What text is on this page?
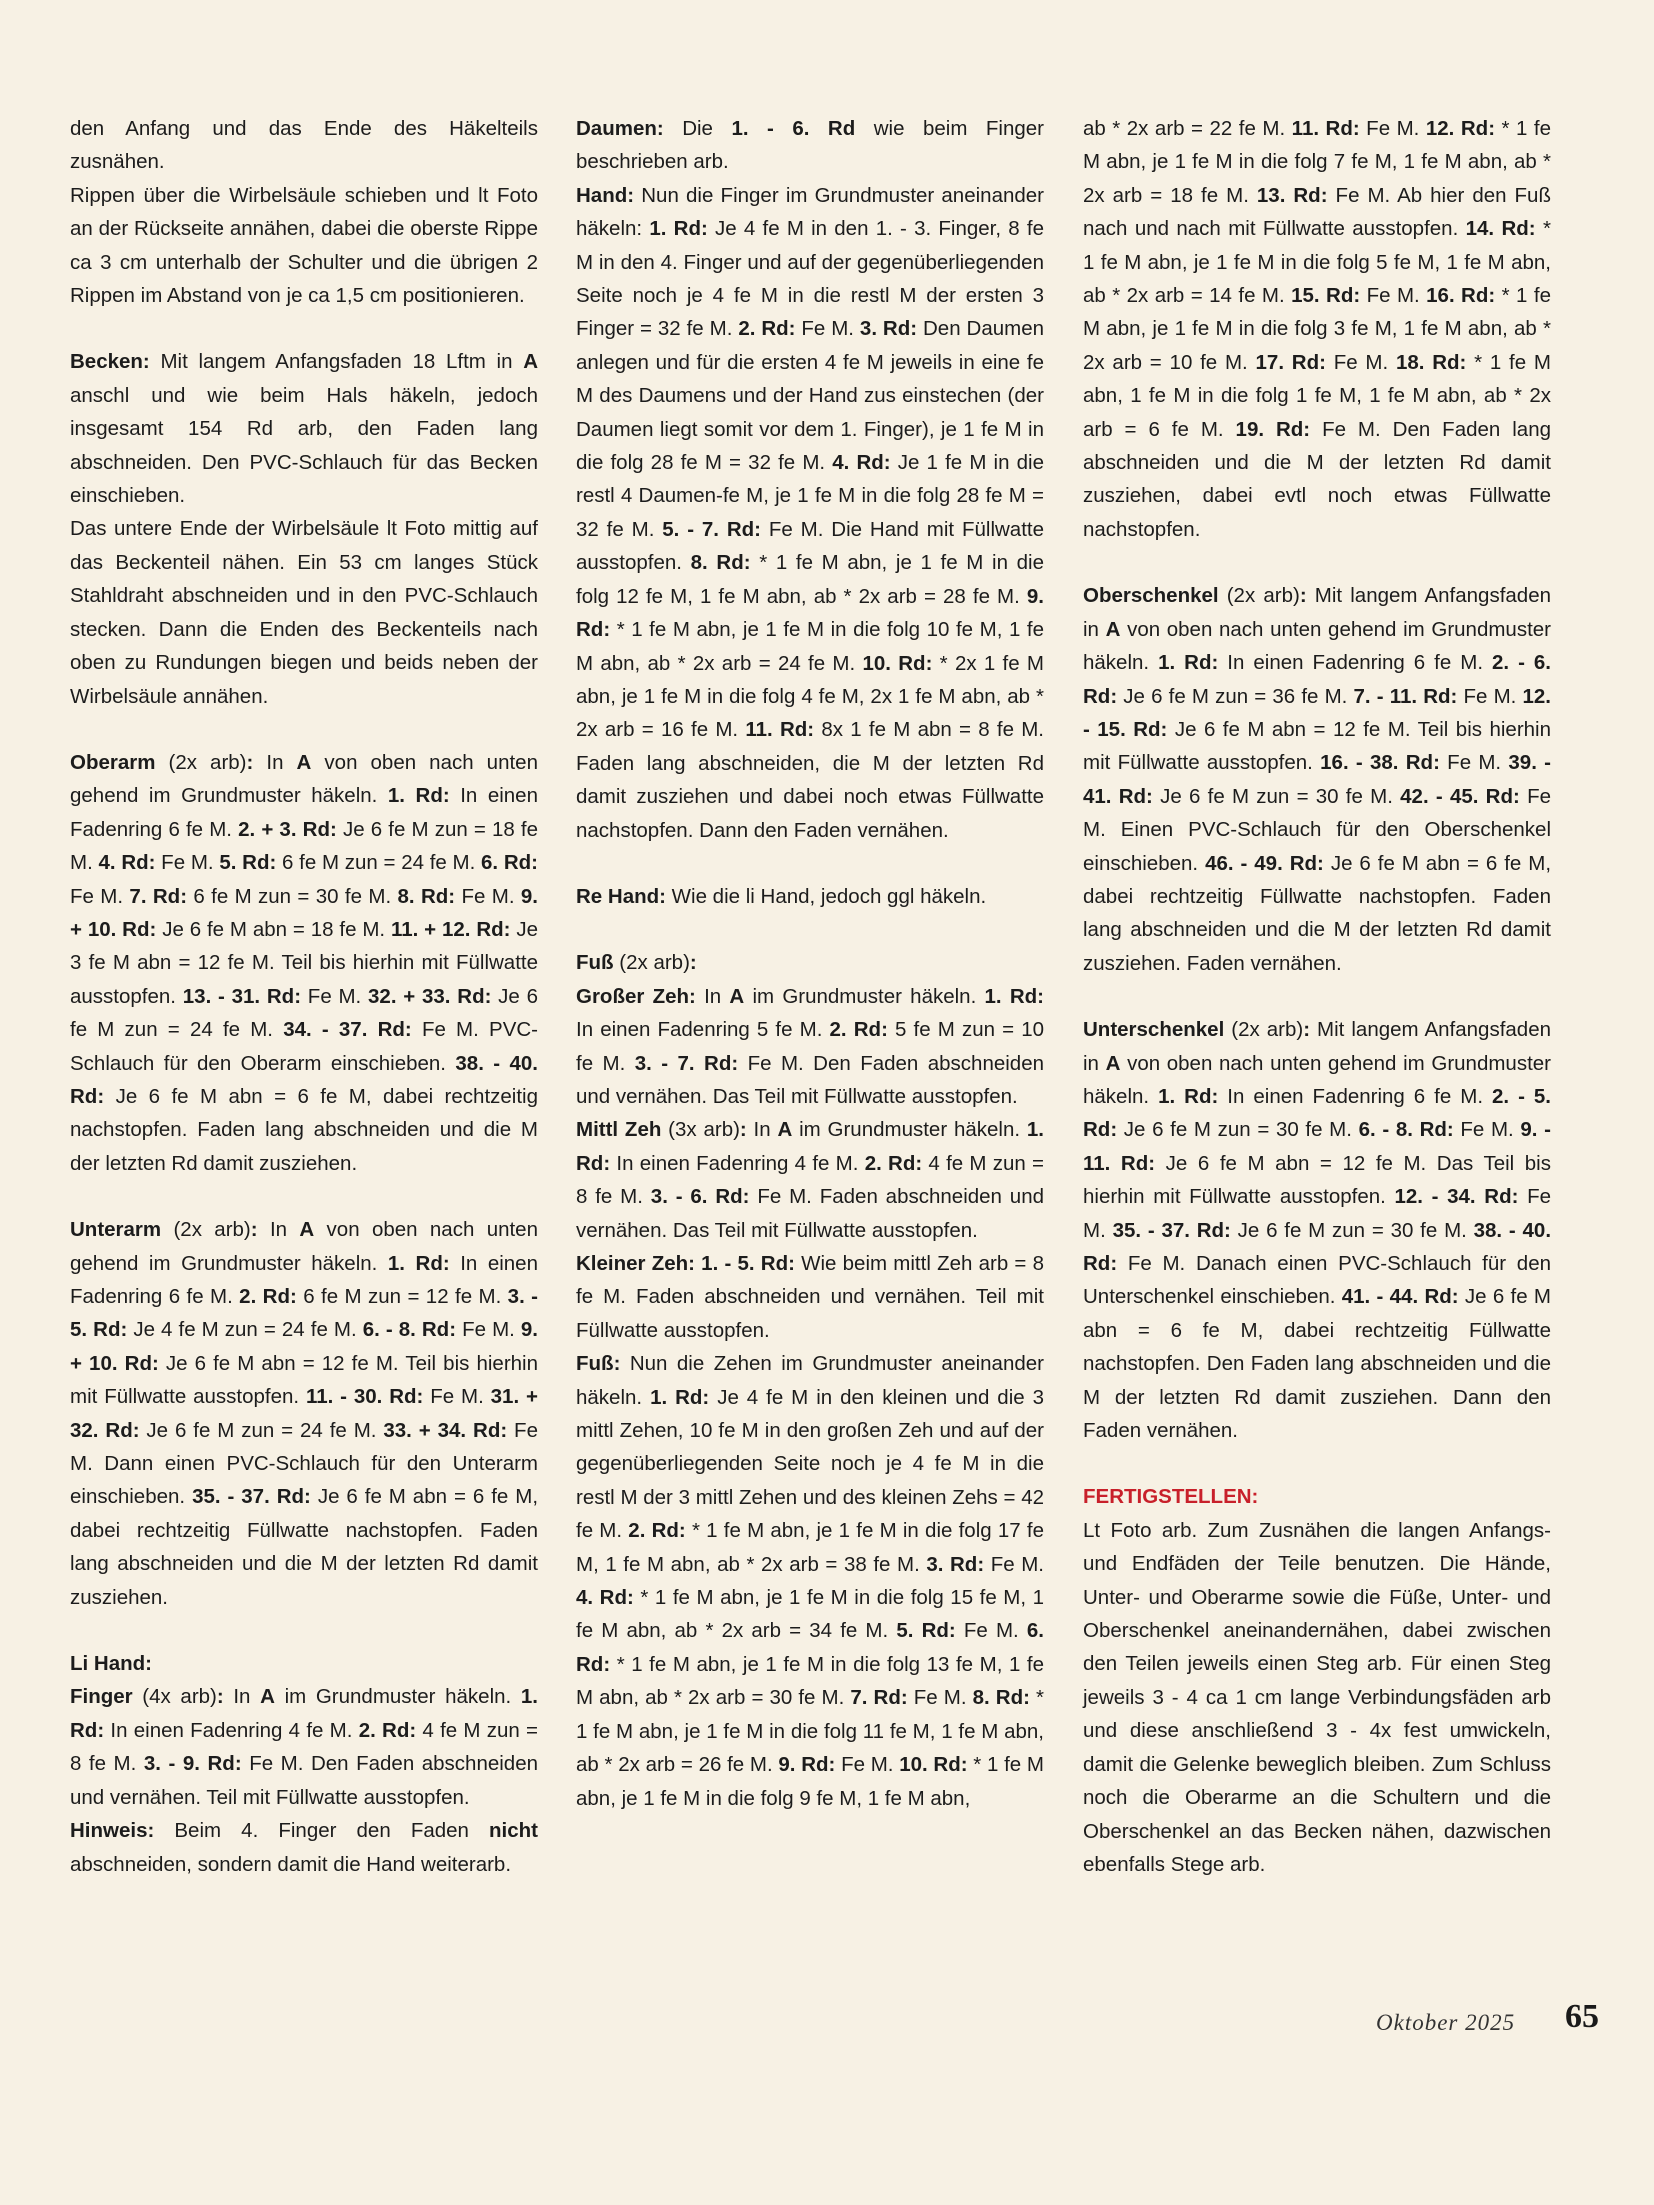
den Anfang und das Ende des Häkelteils zusnähen.

Rippen über die Wirbelsäule schieben und lt Foto an der Rückseite annähen, dabei die oberste Rippe ca 3 cm unterhalb der Schulter und die übrigen 2 Rippen im Abstand von je ca 1,5 cm positionieren.

Becken: Mit langem Anfangsfaden 18 Lftm in A anschl und wie beim Hals häkeln, jedoch insgesamt 154 Rd arb, den Faden lang abschneiden. Den PVC-Schlauch für das Becken einschieben.

Das untere Ende der Wirbelsäule lt Foto mittig auf das Beckenteil nähen. Ein 53 cm langes Stück Stahldraht abschneiden und in den PVC-Schlauch stecken. Dann die Enden des Beckenteils nach oben zu Rundungen biegen und beids neben der Wirbelsäule annähen.

Oberarm (2x arb): In A von oben nach unten gehend im Grundmuster häkeln. 1. Rd: In einen Fadenring 6 fe M. 2. + 3. Rd: Je 6 fe M zun = 18 fe M. 4. Rd: Fe M. 5. Rd: 6 fe M zun = 24 fe M. 6. Rd: Fe M. 7. Rd: 6 fe M zun = 30 fe M. 8. Rd: Fe M. 9. + 10. Rd: Je 6 fe M abn = 18 fe M. 11. + 12. Rd: Je 3 fe M abn = 12 fe M. Teil bis hierhin mit Füllwatte ausstopfen. 13. - 31. Rd: Fe M. 32. + 33. Rd: Je 6 fe M zun = 24 fe M. 34. - 37. Rd: Fe M. PVC-Schlauch für den Oberarm einschieben. 38. - 40. Rd: Je 6 fe M abn = 6 fe M, dabei rechtzeitig nachstopfen. Faden lang abschneiden und die M der letzten Rd damit zusziehen.

Unterarm (2x arb): In A von oben nach unten gehend im Grundmuster häkeln. 1. Rd: In einen Fadenring 6 fe M. 2. Rd: 6 fe M zun = 12 fe M. 3. - 5. Rd: Je 4 fe M zun = 24 fe M. 6. - 8. Rd: Fe M. 9. + 10. Rd: Je 6 fe M abn = 12 fe M. Teil bis hierhin mit Füllwatte ausstopfen. 11. - 30. Rd: Fe M. 31. + 32. Rd: Je 6 fe M zun = 24 fe M. 33. + 34. Rd: Fe M. Dann einen PVC-Schlauch für den Unterarm einschieben. 35. - 37. Rd: Je 6 fe M abn = 6 fe M, dabei rechtzeitig Füllwatte nachstopfen. Faden lang abschneiden und die M der letzten Rd damit zusziehen.

Li Hand:

Finger (4x arb): In A im Grundmuster häkeln. 1. Rd: In einen Fadenring 4 fe M. 2. Rd: 4 fe M zun = 8 fe M. 3. - 9. Rd: Fe M. Den Faden abschneiden und vernähen. Teil mit Füllwatte ausstopfen.

Hinweis: Beim 4. Finger den Faden nicht abschneiden, sondern damit die Hand weiterarb.

Daumen: Die 1. - 6. Rd wie beim Finger beschrieben arb.

Hand: Nun die Finger im Grundmuster aneinander häkeln: 1. Rd: Je 4 fe M in den 1. - 3. Finger, 8 fe M in den 4. Finger und auf der gegenüberliegenden Seite noch je 4 fe M in die restl M der ersten 3 Finger = 32 fe M. 2. Rd: Fe M. 3. Rd: Den Daumen anlegen und für die ersten 4 fe M jeweils in eine fe M des Daumens und der Hand zus einstechen (der Daumen liegt somit vor dem 1. Finger), je 1 fe M in die folg 28 fe M = 32 fe M. 4. Rd: Je 1 fe M in die restl 4 Daumen-fe M, je 1 fe M in die folg 28 fe M = 32 fe M. 5. - 7. Rd: Fe M. Die Hand mit Füllwatte ausstopfen. 8. Rd: * 1 fe M abn, je 1 fe M in die folg 12 fe M, 1 fe M abn, ab * 2x arb = 28 fe M. 9. Rd: * 1 fe M abn, je 1 fe M in die folg 10 fe M, 1 fe M abn, ab * 2x arb = 24 fe M. 10. Rd: * 2x 1 fe M abn, je 1 fe M in die folg 4 fe M, 2x 1 fe M abn, ab * 2x arb = 16 fe M. 11. Rd: 8x 1 fe M abn = 8 fe M. Faden lang abschneiden, die M der letzten Rd damit zusziehen und dabei noch etwas Füllwatte nachstopfen. Dann den Faden vernähen.

Re Hand: Wie die li Hand, jedoch ggl häkeln.

Fuß (2x arb):

Großer Zeh: In A im Grundmuster häkeln. 1. Rd: In einen Fadenring 5 fe M. 2. Rd: 5 fe M zun = 10 fe M. 3. - 7. Rd: Fe M. Den Faden abschneiden und vernähen. Das Teil mit Füllwatte ausstopfen.

Mittl Zeh (3x arb): In A im Grundmuster häkeln. 1. Rd: In einen Fadenring 4 fe M. 2. Rd: 4 fe M zun = 8 fe M. 3. - 6. Rd: Fe M. Faden abschneiden und vernähen. Das Teil mit Füllwatte ausstopfen.

Kleiner Zeh: 1. - 5. Rd: Wie beim mittl Zeh arb = 8 fe M. Faden abschneiden und vernähen. Teil mit Füllwatte ausstopfen.

Fuß: Nun die Zehen im Grundmuster aneinander häkeln. 1. Rd: Je 4 fe M in den kleinen und die 3 mittl Zehen, 10 fe M in den großen Zeh und auf der gegenüberliegenden Seite noch je 4 fe M in die restl M der 3 mittl Zehen und des kleinen Zehs = 42 fe M. 2. Rd: * 1 fe M abn, je 1 fe M in die folg 17 fe M, 1 fe M abn, ab * 2x arb = 38 fe M. 3. Rd: Fe M. 4. Rd: * 1 fe M abn, je 1 fe M in die folg 15 fe M, 1 fe M abn, ab * 2x arb = 34 fe M. 5. Rd: Fe M. 6. Rd: * 1 fe M abn, je 1 fe M in die folg 13 fe M, 1 fe M abn, ab * 2x arb = 30 fe M. 7. Rd: Fe M. 8. Rd: * 1 fe M abn, je 1 fe M in die folg 11 fe M, 1 fe M abn, ab * 2x arb = 26 fe M. 9. Rd: Fe M. 10. Rd: * 1 fe M abn, je 1 fe M in die folg 9 fe M, 1 fe M abn,

ab * 2x arb = 22 fe M. 11. Rd: Fe M. 12. Rd: * 1 fe M abn, je 1 fe M in die folg 7 fe M, 1 fe M abn, ab * 2x arb = 18 fe M. 13. Rd: Fe M. Ab hier den Fuß nach und nach mit Füllwatte ausstopfen. 14. Rd: * 1 fe M abn, je 1 fe M in die folg 5 fe M, 1 fe M abn, ab * 2x arb = 14 fe M. 15. Rd: Fe M. 16. Rd: * 1 fe M abn, je 1 fe M in die folg 3 fe M, 1 fe M abn, ab * 2x arb = 10 fe M. 17. Rd: Fe M. 18. Rd: * 1 fe M abn, 1 fe M in die folg 1 fe M, 1 fe M abn, ab * 2x arb = 6 fe M. 19. Rd: Fe M. Den Faden lang abschneiden und die M der letzten Rd damit zusziehen, dabei evtl noch etwas Füllwatte nachstopfen.

Oberschenkel (2x arb): Mit langem Anfangsfaden in A von oben nach unten gehend im Grundmuster häkeln. 1. Rd: In einen Fadenring 6 fe M. 2. - 6. Rd: Je 6 fe M zun = 36 fe M. 7. - 11. Rd: Fe M. 12. - 15. Rd: Je 6 fe M abn = 12 fe M. Teil bis hierhin mit Füllwatte ausstopfen. 16. - 38. Rd: Fe M. 39. - 41. Rd: Je 6 fe M zun = 30 fe M. 42. - 45. Rd: Fe M. Einen PVC-Schlauch für den Oberschenkel einschieben. 46. - 49. Rd: Je 6 fe M abn = 6 fe M, dabei rechtzeitig Füllwatte nachstopfen. Faden lang abschneiden und die M der letzten Rd damit zusziehen. Faden vernähen.

Unterschenkel (2x arb): Mit langem Anfangsfaden in A von oben nach unten gehend im Grundmuster häkeln. 1. Rd: In einen Fadenring 6 fe M. 2. - 5. Rd: Je 6 fe M zun = 30 fe M. 6. - 8. Rd: Fe M. 9. - 11. Rd: Je 6 fe M abn = 12 fe M. Das Teil bis hierhin mit Füllwatte ausstopfen. 12. - 34. Rd: Fe M. 35. - 37. Rd: Je 6 fe M zun = 30 fe M. 38. - 40. Rd: Fe M. Danach einen PVC-Schlauch für den Unterschenkel einschieben. 41. - 44. Rd: Je 6 fe M abn = 6 fe M, dabei rechtzeitig Füllwatte nachstopfen. Den Faden lang abschneiden und die M der letzten Rd damit zusziehen. Dann den Faden vernähen.

FERTIGSTELLEN:

Lt Foto arb. Zum Zusnähen die langen Anfangs- und Endfäden der Teile benutzen. Die Hände, Unter- und Oberarme sowie die Füße, Unter- und Oberschenkel aneinandernähen, dabei zwischen den Teilen jeweils einen Steg arb. Für einen Steg jeweils 3 - 4 ca 1 cm lange Verbindungsfäden arb und diese anschließend 3 - 4x fest umwickeln, damit die Gelenke beweglich bleiben. Zum Schluss noch die Oberarme an die Schultern und die Oberschenkel an das Becken nähen, dazwischen ebenfalls Stege arb.

Oktober 2025 65
